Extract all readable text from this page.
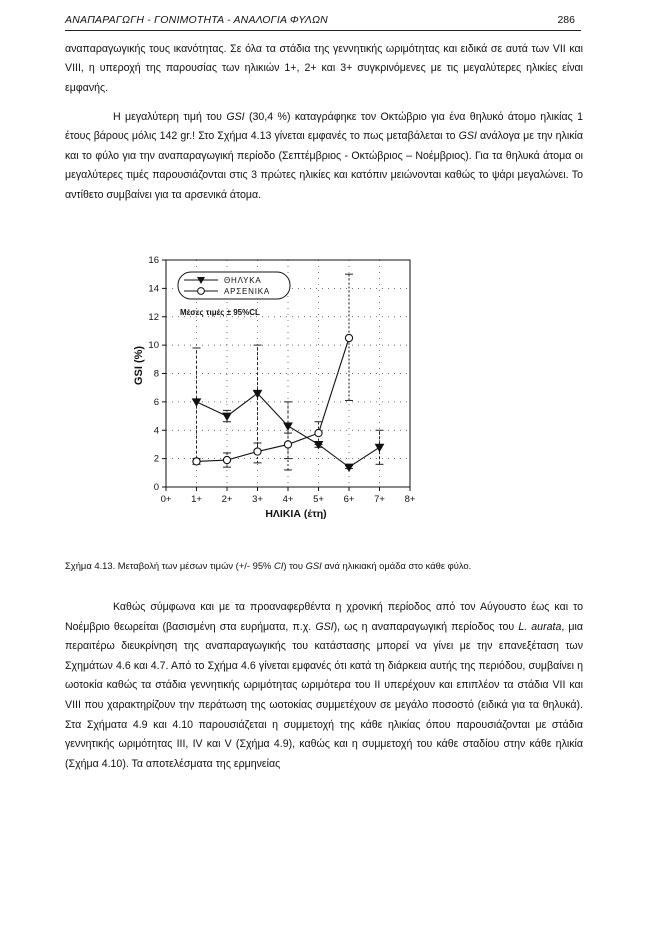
ΑΝΑΠΑΡΑΓΩΓΗ - ΓΟΝΙΜΟΤΗΤΑ - ΑΝΑΛΟΓΙΑ ΦΥΛΩΝ	286

αναπαραγωγικής τους ικανότητας. Σε όλα τα στάδια της γεννητικής ωριμότητας και ειδικά σε αυτά των VII και VIII, η υπεροχή της παρουσίας των ηλικιών 1+, 2+ και 3+ συγκρινόμενες με τις μεγαλύτερες ηλικίες είναι εμφανής.

Η μεγαλύτερη τιμή του GSI (30,4 %) καταγράφηκε τον Οκτώβριο για ένα θηλυκό άτομο ηλικίας 1 έτους βάρους μόλις 142 gr.! Στο Σχήμα 4.13 γίνεται εμφανές το πως μεταβάλεται το GSI ανάλογα με την ηλικία και το φύλο για την αναπαραγωγική περίοδο (Σεπτέμβριος - Οκτώβριος – Νοέμβριος). Για τα θηλυκά άτομα οι μεγαλύτερες τιμές παρουσιάζονται στις 3 πρώτες ηλικίες και κατόπιν μειώνονται καθώς το ψάρι μεγαλώνει. Το αντίθετο συμβαίνει για τα αρσενικά άτομα.

0
2
4
6
8
10
12
14
16
0+ 1+ 2+ 3+ 4+ 5+ 6+ 7+ 8+
ΗΛΙΚΙΑ (έτη)
GSI (%)
ΘΗΛΥΚΑ
ΑΡΣΕΝΙΚΑ
Μέσες τιμές ± 95%CL
Σχήμα 4.13. Μεταβολή των μέσων τιμών (+/- 95% CI) του GSI ανά ηλικιακή ομάδα στο κάθε φύλο.

Καθώς σύμφωνα και με τα προαναφερθέντα η χρονική περίοδος από τον Αύγουστο έως και το Νοέμβριο θεωρείται (βασισμένη στα ευρήματα, π.χ. GSI), ως η αναπαραγωγική περίοδος του L. aurata, μια περαιτέρω διευκρίνηση της αναπαραγωγικής του κατάστασης μπορεί να γίνει με την επανεξέταση των Σχημάτων 4.6 και 4.7. Από το Σχήμα 4.6 γίνεται εμφανές ότι κατά τη διάρκεια αυτής της περιόδου, συμβαίνει η ωοτοκία καθώς τα στάδια γεννητικής ωριμότητας ωριμότερα του ΙΙ υπερέχουν και επιπλέον τα στάδια VII και VIII που χαρακτηρίζουν την περάτωση της ωοτοκίας συμμετέχουν σε μεγάλο ποσοστό (ειδικά για τα θηλυκά). Στα Σχήματα 4.9 και 4.10 παρουσιάζεται η συμμετοχή της κάθε ηλικίας όπου παρουσιάζονται με στάδια γεννητικής ωριμότητας ΙΙΙ, IV και V (Σχήμα 4.9), καθώς και η συμμετοχή του κάθε σταδίου στην κάθε ηλικία (Σχήμα 4.10). Τα αποτελέσματα της ερμηνείας
